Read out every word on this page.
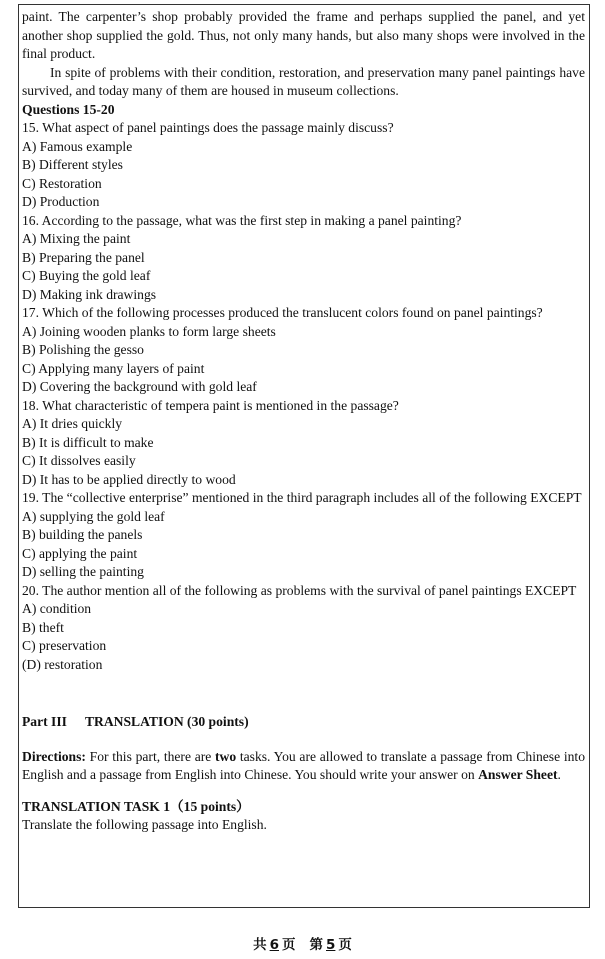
paint. The carpenter’s shop probably provided the frame and perhaps supplied the panel, and yet another shop supplied the gold. Thus, not only many hands, but also many shops were involved in the final product.

In spite of problems with their condition, restoration, and preservation many panel paintings have survived, and today many of them are housed in museum collections.

Questions 15-20

15. What aspect of panel paintings does the passage mainly discuss?

A) Famous example

B) Different styles

C) Restoration

D) Production

16. According to the passage, what was the first step in making a panel painting?

A) Mixing the paint

B) Preparing the panel

C) Buying the gold leaf

D) Making ink drawings

17. Which of the following processes produced the translucent colors found on panel paintings?

A) Joining wooden planks to form large sheets

B) Polishing the gesso

C) Applying many layers of paint

D) Covering the background with gold leaf

18. What characteristic of tempera paint is mentioned in the passage?

A) It dries quickly

B) It is difficult to make

C) It dissolves easily

D) It has to be applied directly to wood

19. The “collective enterprise” mentioned in the third paragraph includes all of the following EXCEPT

A) supplying the gold leaf

B) building the panels

C) applying the paint

D) selling the painting

20. The author mention all of the following as problems with the survival of panel paintings EXCEPT

A) condition

B) theft

C) preservation

(D) restoration

Part III TRANSLATION (30 points)

Directions: For this part, there are two tasks. You are allowed to translate a passage from Chinese into English and a passage from English into Chinese. You should write your answer on Answer Sheet.

TRANSLATION TASK 1（15 points）

Translate the following passage into English.

共 6 页 第 5 页
